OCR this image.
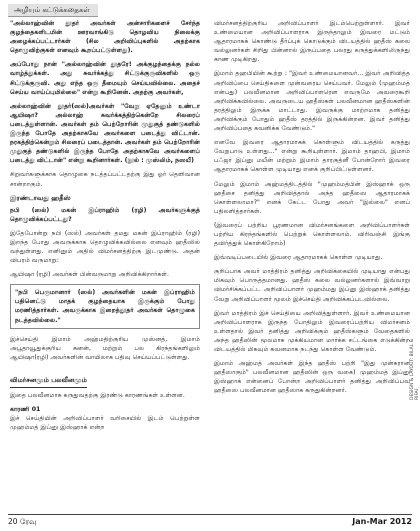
அழியும் கட்டுக்கதைகள்

"அல்லாஹ்வின் தூதர் அவர்கள் அன்சாரிகளைச் சேர்ந்த குழந்தைகளிடமின் ஊரவாங்கிடு தொழவிய நிலைக்கு அழைக்கப்பட்டார்கள் (சில அறிவிப்புகளில் அதற்காக தொழுவிற்குகள் எனவும் கூறப்பட்டுள்ளது).

அப்போது நான் "அல்லாஹ்வின் தூதரே! அக்குழந்தைக்கு நல்ல வாழ்த்துக்கள். அது சுவர்க்கத்து சிட்டுக்குருவிகளில் ஒரு சிட்டுக்குருவி. அது எந்த ஒரு தீமையும் செய்யவில்லை. அதைச் செய்ய வாய்ப்புமில்லை" என்று கூறினேன். அதற்கு அவர்கள்,

அல்லாஹ்வின் தூதர்(ஸல்)அவர்கள் "வேறு ஏதேனும் உண்டா ஆயிஷா? அல்லாஹ் சுவர்க்கத்திற்கென்றே சிலரைப் படைத்துள்ளான். அவர்கள் தம் பெற்றோரின் முதுகுத் தண்டுகளில் இருந்த போதே அதற்காகவே அவர்களை படைத்து விட்டான். நரகத்திற்கென்றும் சிலரைப் படைத்தான். அவர்கள் தம் பெற்றோரின் முதுகுத் தண்டுகளில் இருந்த போதே அதற்காகவே அவர்களைப் படைத்து விட்டான்" என்று கூறினார்கள். (நூல் : முஸ்லிம், நஸயீ)

சிறுவர்களுக்காக தொழுகை நடத்தப்பட்டதற்கு இது ஓர் தெளிவான சான்றாகும்.

இரண்டாவது ஹதீஸ்

நபி (ஸல்) மகன் இப்ராஹிம் (ரழி) அவர்களுக்குத் தொழுவிக்கப்பட்டது?

இதேபோன்று நபி (ஸல்) அவர்கள் தமது மகன் இப்ராஹிம் (ரழி) இறந்த போது அவருக்காக தொழுவிக்கவில்லை எனவும் ஹதீஸில் வந்துள்ளது. எனினும் அதில் விமர்சனத்திற்கு இடமுண்டு. அதன் விபரம் வருமாறு:

ஆயிஷா (ரழி) அவர்கள் பின்வருமாறு அறிவிக்கிறார்கள்.

"நபி பெருமானார் (ஸல்) அவர்களின் மகன் இப்ராஹிம் பதினெட்டு மாதக் குழந்தையாக இருக்கும் போது மரணித்தார்கள். அவருக்காக இறைத்தூதர் அவர்கள் தொழுகை நடத்தவில்லை."

இச்செய்தி இமாம் அஹ்மதிற்குரிய முஸ்னத், இமாம் அபூதாவூதுக்குரிய சுனன், மற்றும் பல கிரந்தங்களிலும் ஆயிஷா(ரழி) அவர்களின் வாயிலாக பதிவு செய்யப்பட்டுள்ளது.

விமர்சனமும் பலவீனமும்

இதை பலவீனமாக கருதுவதற்கு இரண்டு காரணங்கள் உள்ளன.

காரணி 01

இச் செய்தியின் அறிவிப்பாளர் வரிசையில் இடம் பெற்றுள்ள முஹம்மத் இப்னு இஸ்ஹாக் என்ற

விமர்சனத்திற்குரிய அறிவிப்பாளர் இடம்பெற்றுள்ளார். இவர் உண்மையான அறிவிப்பாளராக இருந்தாலும் இவரை மட்டும் ஆதாரமாகக் கொண்டு தீர்ப்புக் கொடுக்கும் விடயத்தில் ஹதீஸ் கலை வல்லுனர்கள் சிறிது பின்னால் இருப்பதை பலரது கருத்துக்களிலிருந்து காண முடிகிறது.

இமாம் தஹபியின் கூற்று : "இவர் உண்மையானவர்... இவர் அறிவித்த அறிவிப்பை செய்திகளை முன்வரைய செய்பவர். மேலும் (முஹம்மத் என்பது) பலவீனமான அறிவிப்பாளரென எவருமே அவரைகூறி அறிவிக்கவில்லை. அவருடைய ஹதீஸ்கள் பலவீனமான ஹதீஸ்களின் தரத்திலும் இருக்க மாட்டாது. இவருக்கு மாற்றமாக தனித்து அறிவிக்கும் போதும் ஹதீஸ் தரத்தில் இருக்கின்றன. இவர் தனித்து அறிவிப்பதை கவனிக்க வேண்டும்."

எனவே இவரை ஆதாரமாகக் கொள்ளும் விடயத்தில் கருத்து வேறுபாடு உள்ளது..." என்று கூறியுள்ளார். இமாம் தாஹபி, இமாம் பஃஜர் இப்னு மயீன் மற்றும் இமாம் தாரகுத்னீ போன்றோர் இவரை ஆதாரமாகக் கொள்ள முடியாது எனக் குறிப்பிட்டுள்ளனர்.

மேலும் இமாம் அஹ்மத்திடத்தில் "முஹம்மத்பின் இஸ்ஹாக் ஒரு ஹதீசை தனித்து அறிவித்தால் அந்த ஹதீஸை ஆதாரமாகக் கொள்ளலாமா?" எனக் கேட்ட போது அவர் "இல்லை" எனப் பதிலளித்தார்கள்.

(இவரைப் பற்றிய பூரணமான விமர்சனங்களை அறிவிப்பாளர்கள் பற்றிய கிரந்தங்களில் பெற்றுக் கொள்ளலாம். விரிவஞ்சி இங்கு தவிர்த்துக் கொள்கிறோம்)

இவ்வடிப்படையில் இவரை ஆதாரமாகக் கொள்ள முடியாது.

குறிப்பாக அவர் மாத்திரம் தனித்து அறிவிக்கையில் முடியாது என்பது மிகவும் பொருத்தமானது. ஹதீஸ் கலை வல்லுனர்களால் இவ்வாறு விமர்சிக்கப்பட்ட அறிவிப்பாளர் முஹம்மது இப்னு இஸ்ஹாக் தனித்து வேறு அறிவிப்பாளர் மூலம் இச்செய்தி அறிவிக்கப்படவில்லை.

இவர் மாத்திரம் இச் செய்தியை அறிவித்துள்ளார். இவர் உண்மையான அறிவிப்பாளராக இருந்த போதிலும் இவரைப்பற்றிய விமர்சனம் உள்ளதால் இவர் தனித்து அறிவிக்கும் ஹதீஸ்களும் வேதைகளில் அந்த ஹதீஸின் மூலமாக முக்கியமான மார்க்க சட்டங்கை எடுக்கின்ற விடயத்தில் மிகவும் கவனமாக நடந்து கொள்ள வேண்டும்.

இமாம் அஹ்மத் அவர்கள் இந்த ஹதீஸ் பற்றி "இது முன்கரான ஹதீஸாகும்" பலவீனமான ஹதீஸின் ஒரு வகை) முஹம்மத் இப்னு இஸ்ஹாக் என்னைப் போன்ற அறிவிப்பாளர் தனித்து அறிவிப்பவ ஹதீஸை பலவீனமான ஹதீஸாக கருதுகின்றனர்.	DESIGN & LAYOUT: BILAL & RIFAI
20 ரேவு	Jan-Mar 2012
